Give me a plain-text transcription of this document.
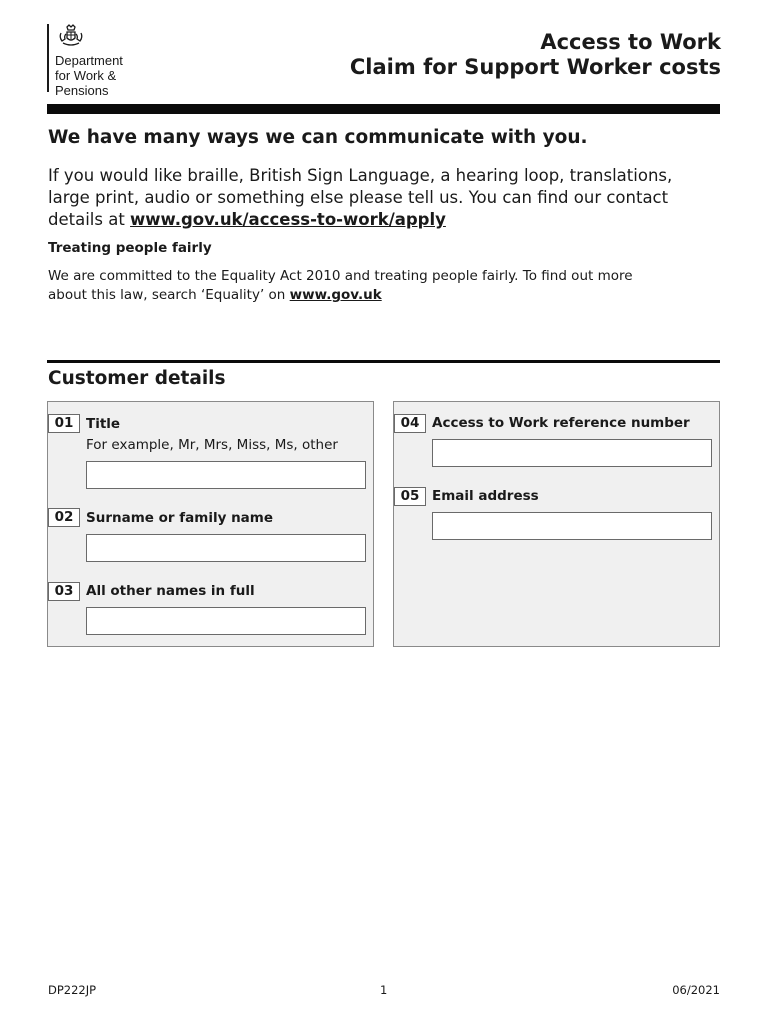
Department
for Work &
Pensions
Access to Work
Claim for Support Worker costs
We have many ways we can communicate with you.
If you would like braille, British Sign Language, a hearing loop, translations, large print, audio or something else please tell us. You can find our contact details at www.gov.uk/access-to-work/apply
Treating people fairly
We are committed to the Equality Act 2010 and treating people fairly. To find out more about this law, search ‘Equality’ on www.gov.uk
Customer details
01 Title
For example, Mr, Mrs, Miss, Ms, other
02 Surname or family name
03 All other names in full
04 Access to Work reference number
05 Email address
DP222JP	1	06/2021
